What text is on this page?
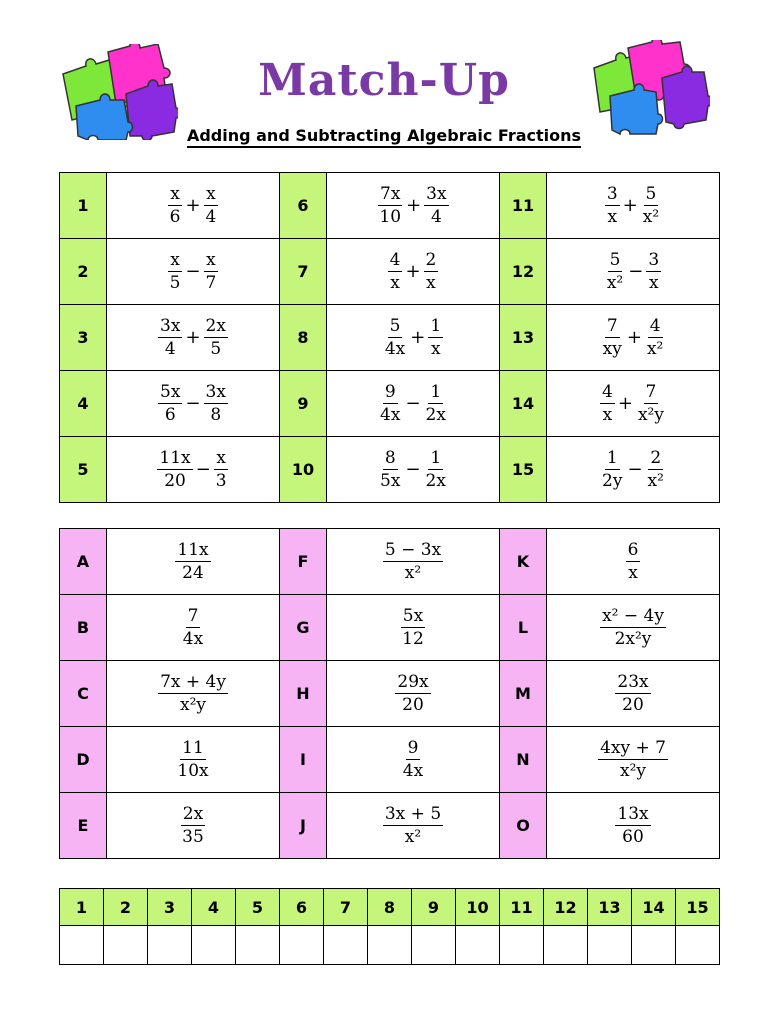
Match-Up
Adding and Subtracting Algebraic Fractions
1	$\frac{x}{6} + \frac{x}{4}$	6	$\frac{7x}{10} + \frac{3x}{4}$	11	$\frac{3}{x} + \frac{5}{\text{x²}}$

2	$\frac{x}{5} - \frac{x}{7}$	7	$\frac{4}{x} + \frac{2}{x}$	12	$\frac{5}{\text{x²}} - \frac{3}{x}$

3	$\frac{3x}{4} + \frac{2x}{5}$	8	$\frac{5}{4x} + \frac{1}{x}$	13	$\frac{7}{xy} + \frac{4}{\text{x²}}$

4	$\frac{5x}{6} - \frac{3x}{8}$	9	$\frac{9}{4x} - \frac{1}{2x}$	14	$\frac{4}{x} + \frac{7}{\text{x²y}}$

5	$\frac{11x}{20} - \frac{x}{3}$	10	$\frac{8}{5x} - \frac{1}{2x}$	15	$\frac{1}{2y} - \frac{2}{\text{x²}}$
A	$\frac{11x}{24}$	F	$\frac{5 - 3x}{\text{x²}}$	K	$\frac{6}{x}$

B	$\frac{7}{4x}$	G	$\frac{5x}{12}$	L	$\frac{\text{x² − 4y}}{\text{2x²y}}$

C	$\frac{7x + 4y}{\text{x²y}}$	H	$\frac{29x}{20}$	M	$\frac{23x}{20}$

D	$\frac{11}{10x}$	I	$\frac{9}{4x}$	N	$\frac{4xy + 7}{\text{x²y}}$

E	$\frac{2x}{35}$	J	$\frac{3x + 5}{\text{x²}}$	O	$\frac{13x}{60}$
1	2	3	4	5	6	7	8	9	10	11	12	13	14	15
